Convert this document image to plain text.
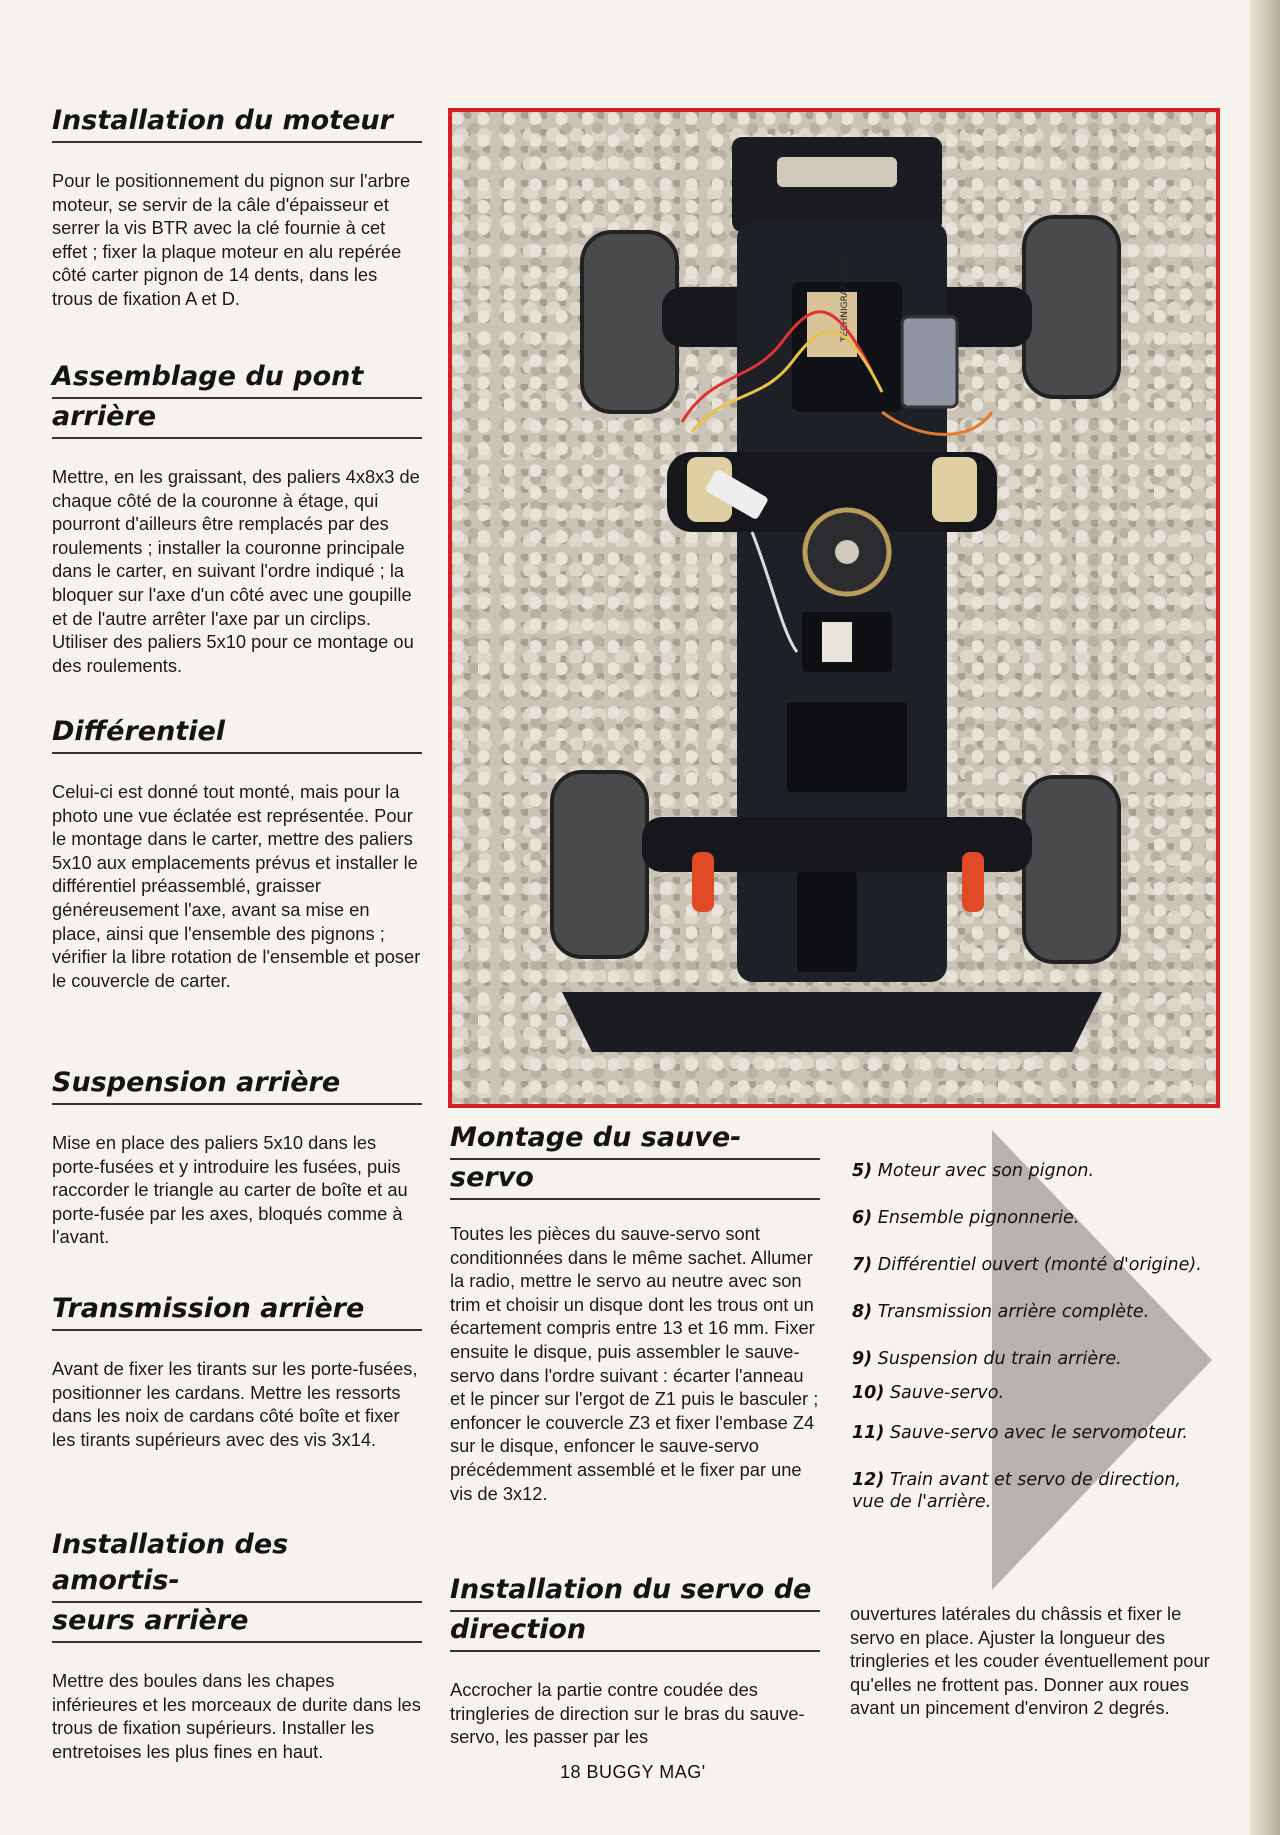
Installation du moteur

Pour le positionnement du pignon sur l'arbre moteur, se servir de la câle d'épaisseur et serrer la vis BTR avec la clé fournie à cet effet ; fixer la plaque moteur en alu repérée côté carter pignon de 14 dents, dans les trous de fixation A et D.

Assemblage du pont
arrière

Mettre, en les graissant, des paliers 4x8x3 de chaque côté de la couronne à étage, qui pourront d'ailleurs être remplacés par des roulements ; installer la couronne principale dans le carter, en suivant l'ordre indiqué ; la bloquer sur l'axe d'un côté avec une goupille et de l'autre arrêter l'axe par un circlips. Utiliser des paliers 5x10 pour ce montage ou des roulements.

Différentiel

Celui-ci est donné tout monté, mais pour la photo une vue éclatée est représentée. Pour le montage dans le carter, mettre des paliers 5x10 aux emplacements prévus et installer le différentiel préassemblé, graisser généreusement l'axe, avant sa mise en place, ainsi que l'ensemble des pignons ; vérifier la libre rotation de l'ensemble et poser le couvercle de carter.

Suspension arrière

Mise en place des paliers 5x10 dans les porte-fusées et y introduire les fusées, puis raccorder le triangle au carter de boîte et au porte-fusée par les axes, bloqués comme à l'avant.

Transmission arrière

Avant de fixer les tirants sur les porte-fusées, positionner les cardans. Mettre les ressorts dans les noix de cardans côté boîte et fixer les tirants supérieurs avec des vis 3x14.

Installation des amortis-
seurs arrière

Mettre des boules dans les chapes inférieures et les morceaux de durite dans les trous de fixation supérieurs. Installer les entretoises les plus fines en haut.

TECHNIGRAPHICS
Montage du sauve-
servo

Toutes les pièces du sauve-servo sont conditionnées dans le même sachet. Allumer la radio, mettre le servo au neutre avec son trim et choisir un disque dont les trous ont un écartement compris entre 13 et 16 mm. Fixer ensuite le disque, puis assembler le sauve-servo dans l'ordre suivant : écarter l'anneau et le pincer sur l'ergot de Z1 puis le basculer ; enfoncer le couvercle Z3 et fixer l'embase Z4 sur le disque, enfoncer le sauve-servo précédemment assemblé et le fixer par une vis de 3x12.

Installation du servo de
direction

Accrocher la partie contre coudée des tringleries de direction sur le bras du sauve-servo, les passer par les

5) Moteur avec son pignon.

6) Ensemble pignonnerie.

7) Différentiel ouvert (monté d'origine).

8) Transmission arrière complète.

9) Suspension du train arrière.

10) Sauve-servo.

11) Sauve-servo avec le servomoteur.

12) Train avant et servo de direction, vue de l'arrière.

ouvertures latérales du châssis et fixer le servo en place. Ajuster la longueur des tringleries et les couder éventuellement pour qu'elles ne frottent pas. Donner aux roues avant un pincement d'environ 2 degrés.

18 BUGGY MAG'
